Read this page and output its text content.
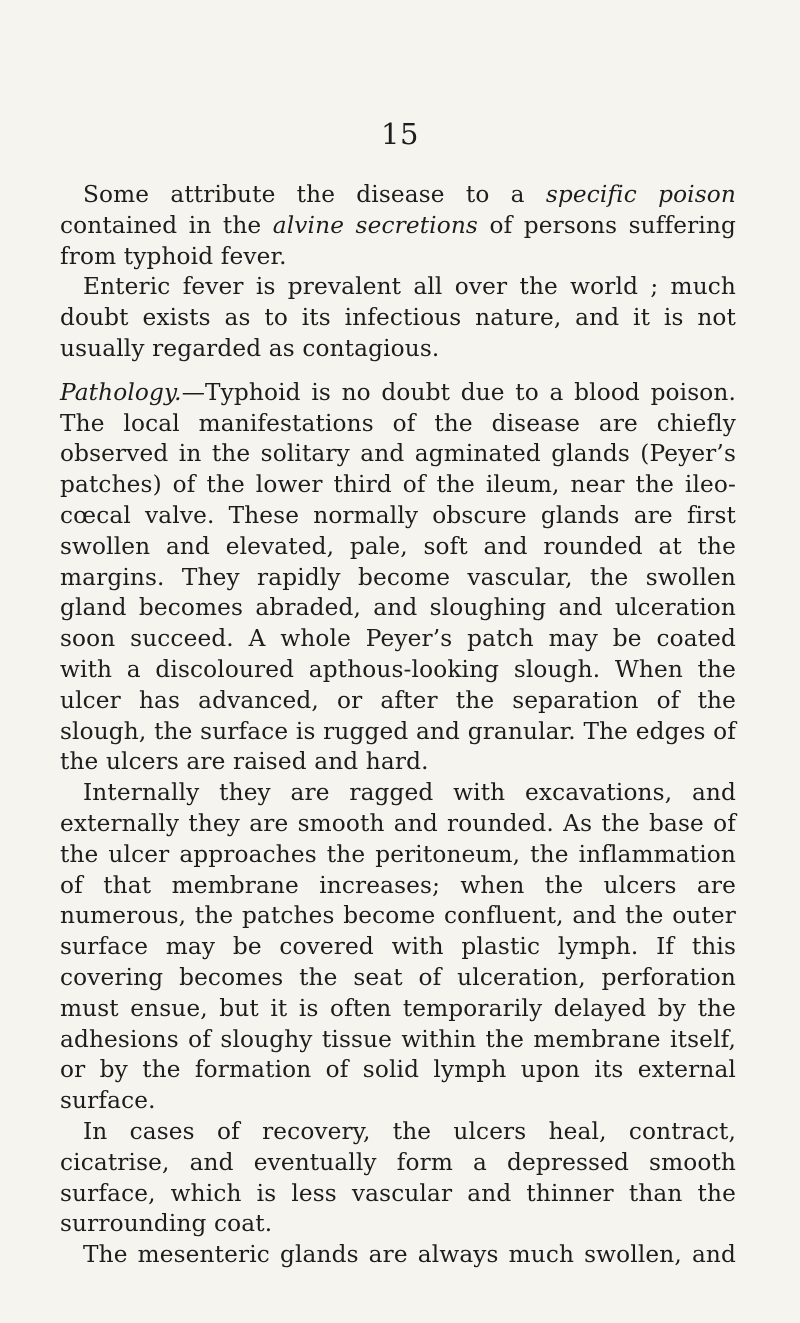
15

Some attribute the disease to a specific poison contained in the alvine secretions of persons suffering from typhoid fever.

Enteric fever is prevalent all over the world ; much doubt exists as to its infectious nature, and it is not usually regarded as contagious.

Pathology.—Typhoid is no doubt due to a blood poison. The local manifestations of the disease are chiefly observed in the solitary and agminated glands (Peyer’s patches) of the lower third of the ileum, near the ileo-cœcal valve. These normally obscure glands are first swollen and elevated, pale, soft and rounded at the margins. They rapidly become vascular, the swollen gland becomes abraded, and sloughing and ulceration soon succeed. A whole Peyer’s patch may be coated with a discoloured apthous-looking slough. When the ulcer has advanced, or after the separation of the slough, the surface is rugged and granular. The edges of the ulcers are raised and hard.

Internally they are ragged with excavations, and externally they are smooth and rounded. As the base of the ulcer approaches the peritoneum, the inflammation of that membrane increases; when the ulcers are numerous, the patches become confluent, and the outer surface may be covered with plastic lymph. If this covering becomes the seat of ulceration, perforation must ensue, but it is often temporarily delayed by the adhesions of sloughy tissue within the membrane itself, or by the formation of solid lymph upon its external surface.

In cases of recovery, the ulcers heal, contract, cicatrise, and eventually form a depressed smooth surface, which is less vascular and thinner than the surrounding coat.

The mesenteric glands are always much swollen, and
